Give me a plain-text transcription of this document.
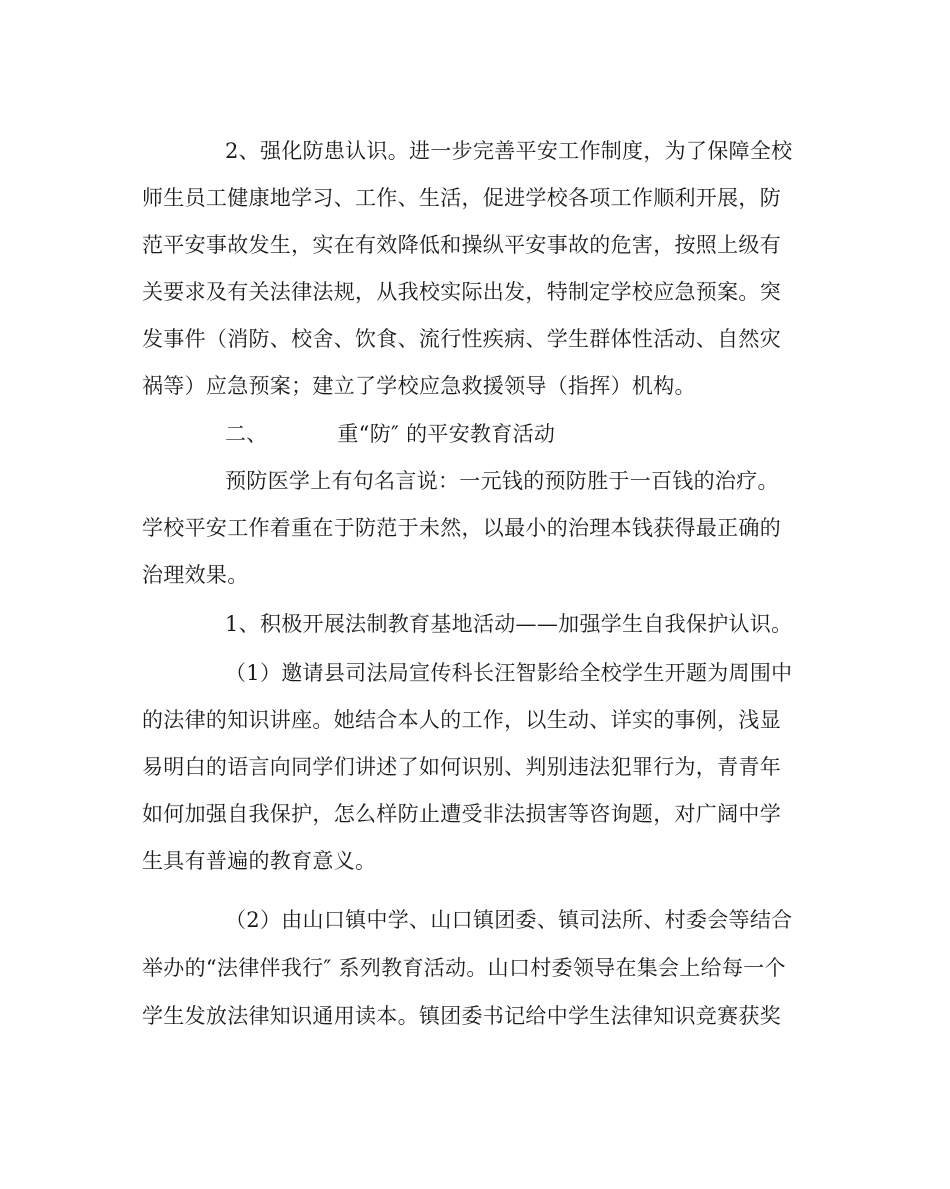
2、强化防患认识。进一步完善平安工作制度，为了保障全校
师生员工健康地学习、工作、生活，促进学校各项工作顺利开展，防
范平安事故发生，实在有效降低和操纵平安事故的危害，按照上级有
关要求及有关法律法规，从我校实际出发，特制定学校应急预案。突
发事件（消防、校舍、饮食、流行性疾病、学生群体性活动、自然灾
祸等）应急预案；建立了学校应急救援领导（指挥）机构。
二、          重“防″ 的平安教育活动
预防医学上有句名言说：一元钱的预防胜于一百钱的治疗。
学校平安工作着重在于防范于未然，以最小的治理本钱获得最正确的
治理效果。
1、积极开展法制教育基地活动——加强学生自我保护认识。
（1）邀请县司法局宣传科长汪智影给全校学生开题为周围中
的法律的知识讲座。她结合本人的工作，以生动、详实的事例，浅显
易明白的语言向同学们讲述了如何识别、判别违法犯罪行为，青青年
如何加强自我保护，怎么样防止遭受非法损害等咨询题，对广阔中学
生具有普遍的教育意义。
（2）由山口镇中学、山口镇团委、镇司法所、村委会等结合
举办的“法律伴我行″ 系列教育活动。山口村委领导在集会上给每一个
学生发放法律知识通用读本。镇团委书记给中学生法律知识竞赛获奖
